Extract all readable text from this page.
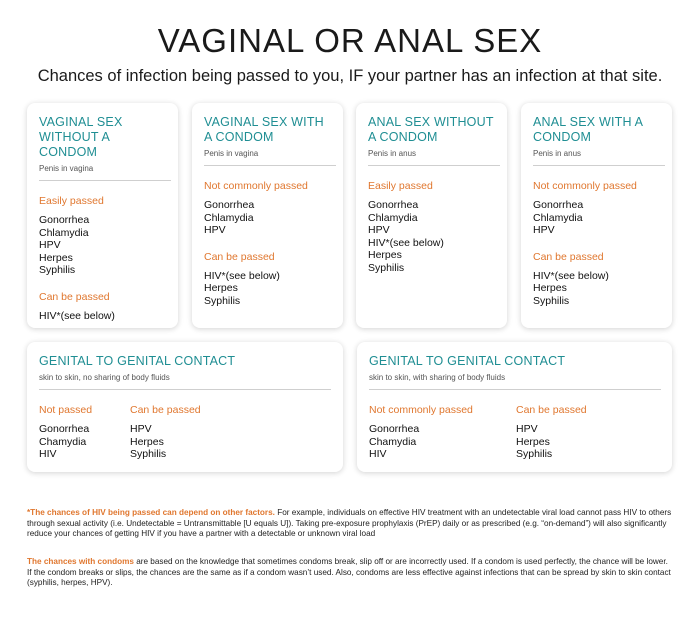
VAGINAL OR ANAL SEX
Chances of infection being passed to you, IF your partner has an infection at that site.
VAGINAL SEX WITHOUT A CONDOM
Penis in vagina
Easily passed
Gonorrhea
Chlamydia
HPV
Herpes
Syphilis
Can be passed
HIV*(see below)
VAGINAL SEX WITH A CONDOM
Penis in vagina
Not commonly passed
Gonorrhea
Chlamydia
HPV
Can be passed
HIV*(see below)
Herpes
Syphilis
ANAL SEX WITHOUT A CONDOM
Penis in anus
Easily passed
Gonorrhea
Chlamydia
HPV
HIV*(see below)
Herpes
Syphilis
ANAL SEX WITH A CONDOM
Penis in anus
Not commonly passed
Gonorrhea
Chlamydia
HPV
Can be passed
HIV*(see below)
Herpes
Syphilis
GENITAL TO GENITAL CONTACT
skin to skin, no sharing of body fluids
Not passed
Gonorrhea
Chamydia
HIV
Can be passed
HPV
Herpes
Syphilis
GENITAL TO GENITAL CONTACT
skin to skin, with sharing of body fluids
Not commonly passed
Gonorrhea
Chamydia
HIV
Can be passed
HPV
Herpes
Syphilis
*The chances of HIV being passed can depend on other factors. For example, individuals on effective HIV treatment with an undetectable viral load cannot pass HIV to others through sexual activity (i.e. Undetectable = Untransmittable [U equals U]). Taking pre-exposure prophylaxis (PrEP) daily or as prescribed (e.g. “on-demand”) will also significantly reduce your chances of getting HIV if you have a partner with a detectable or unknown viral load
The chances with condoms are based on the knowledge that sometimes condoms break, slip off or are incorrectly used. If a condom is used perfectly, the chance will be lower. If the condom breaks or slips, the chances are the same as if a condom wasn’t used. Also, condoms are less effective against infections that can be spread by skin to skin contact (syphilis, herpes, HPV).
